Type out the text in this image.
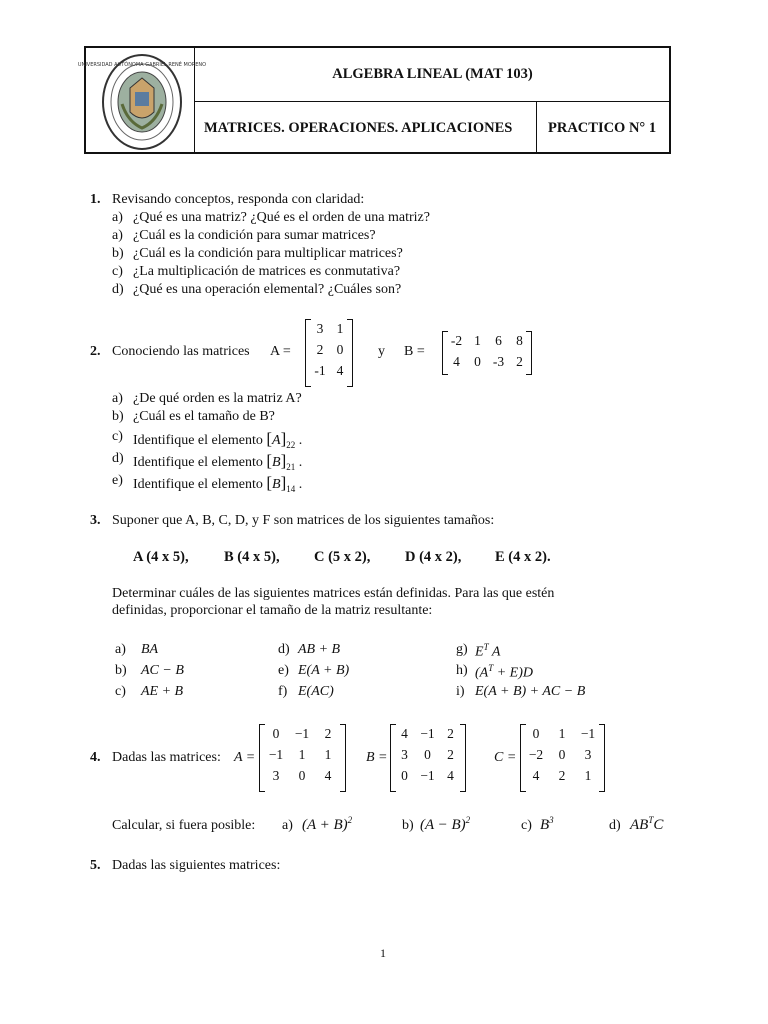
UNIVERSIDAD AUTÓNOMA GABRIEL RENÉ MORENO
ALGEBRA LINEAL (MAT 103)
MATRICES. OPERACIONES. APLICACIONES PRACTICO N° 1
1. Revisando conceptos, responda con claridad:
a) ¿Qué es una matriz? ¿Qué es el orden de una matriz?
a) ¿Cuál es la condición para sumar matrices?
b) ¿Cuál es la condición para multiplicar matrices?
c) ¿La multiplicación de matrices es conmutativa?
d) ¿Qué es una operación elemental? ¿Cuáles son?
2. Conociendo las matrices A =
3 1
2 0
-1 4
y B =
-2 1	6	8
4	0 -3 2
a) ¿De qué orden es la matriz A?
b) ¿Cuál es el tamaño de B?
c) Identifique el elemento $[A]_{22}$ .
d) Identifique el elemento $[B]_{21}$ .
e) Identifique el elemento $[B]_{14}$ .
3. Suponer que A, B, C, D, y F son matrices de los siguientes tamaños:
A (4 x 5), B (4 x 5), C (5 x 2), D (4 x 2), E (4 x 2).
Determinar cuáles de las siguientes matrices están definidas. Para las que estén
definidas, proporcionar el tamaño de la matriz resultante:
a) BA
b) AC − B
c) AE + B
d) AB + B
e) E(A + B)
f) E(AC)
g) $E^T$ A
h) $(A^T + E)D$
i) E(A + B) + AC − B
4. Dadas las matrices: A =
0	−1	2
−1	1	1
3	0	4
B =
4 −1 2
3	0	2
0 −1 4
C =
0	1	−1
−2	0	3
4	2	1
Calcular, si fuera posible: a) $(A + B)^2$	b) $(A - B)^2$	c) $B^3$	d) $AB^TC$
5. Dadas las siguientes matrices:
1
